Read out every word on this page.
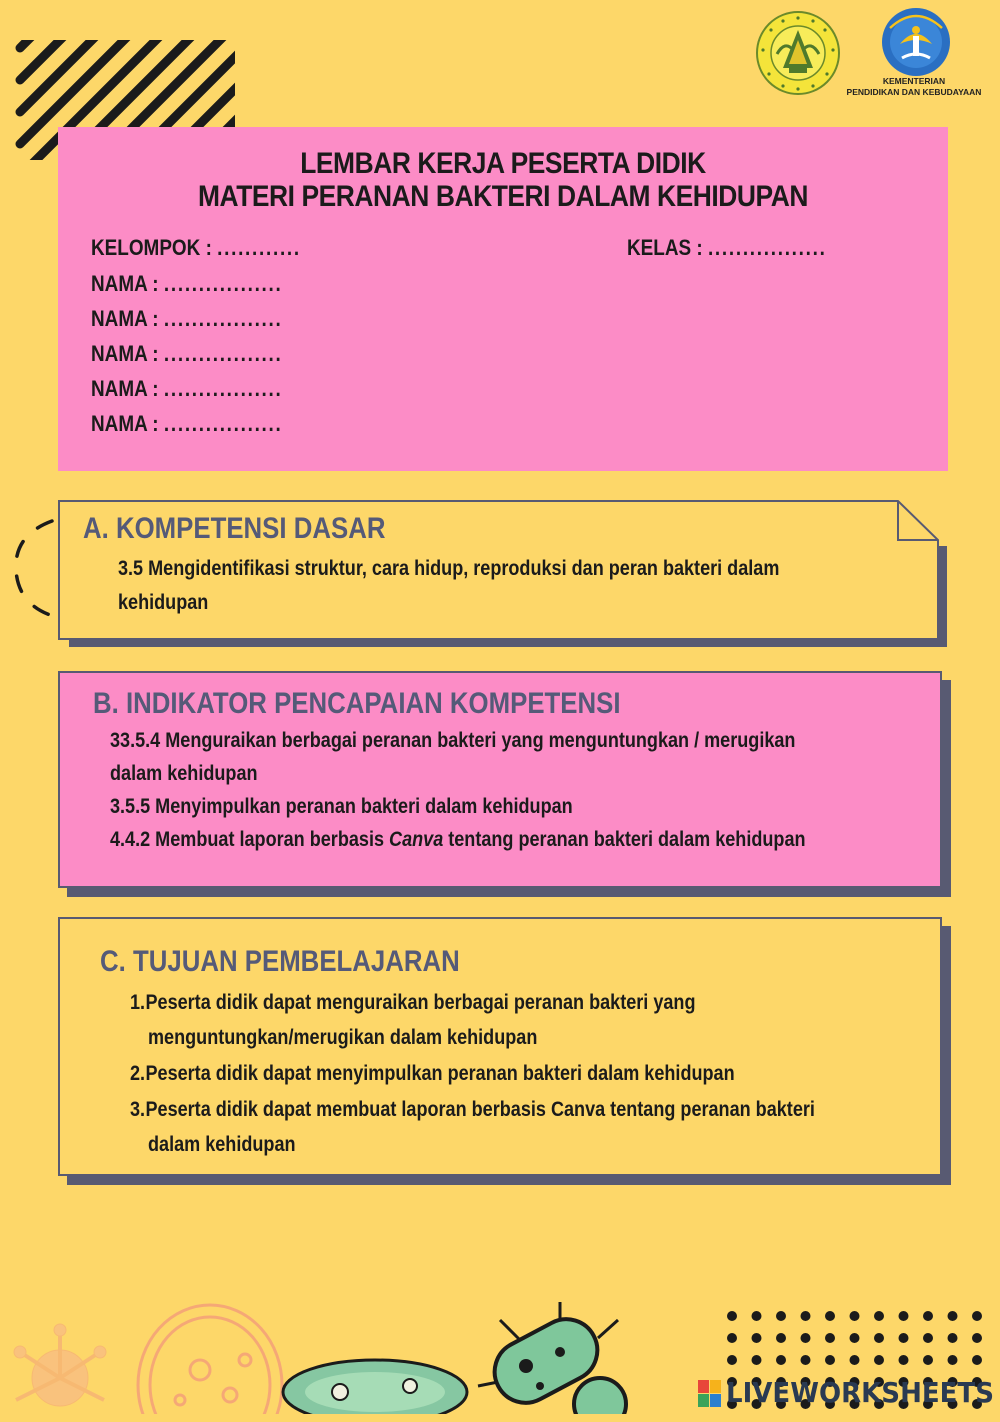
KEMENTERIAN
PENDIDIKAN DAN KEBUDAYAAN
LEMBAR KERJA PESERTA DIDIK
MATERI PERANAN BAKTERI DALAM KEHIDUPAN
KELOMPOK : ............	KELAS : .................
NAMA : .................
NAMA : .................
NAMA : .................
NAMA : .................
NAMA : .................
A. KOMPETENSI DASAR
3.5 Mengidentifikasi struktur, cara hidup, reproduksi dan peran bakteri dalam
kehidupan
B. INDIKATOR PENCAPAIAN KOMPETENSI
33.5.4 Menguraikan berbagai peranan bakteri yang menguntungkan / merugikan
dalam kehidupan
3.5.5 Menyimpulkan peranan bakteri dalam kehidupan
4.4.2 Membuat laporan berbasis Canva tentang peranan bakteri dalam kehidupan
C. TUJUAN PEMBELAJARAN
1.Peserta didik dapat menguraikan berbagai peranan bakteri yang
menguntungkan/merugikan dalam kehidupan
2.Peserta didik dapat menyimpulkan peranan bakteri dalam kehidupan
3.Peserta didik dapat membuat laporan berbasis Canva tentang peranan bakteri
dalam kehidupan
LIVEWORKSHEETS
